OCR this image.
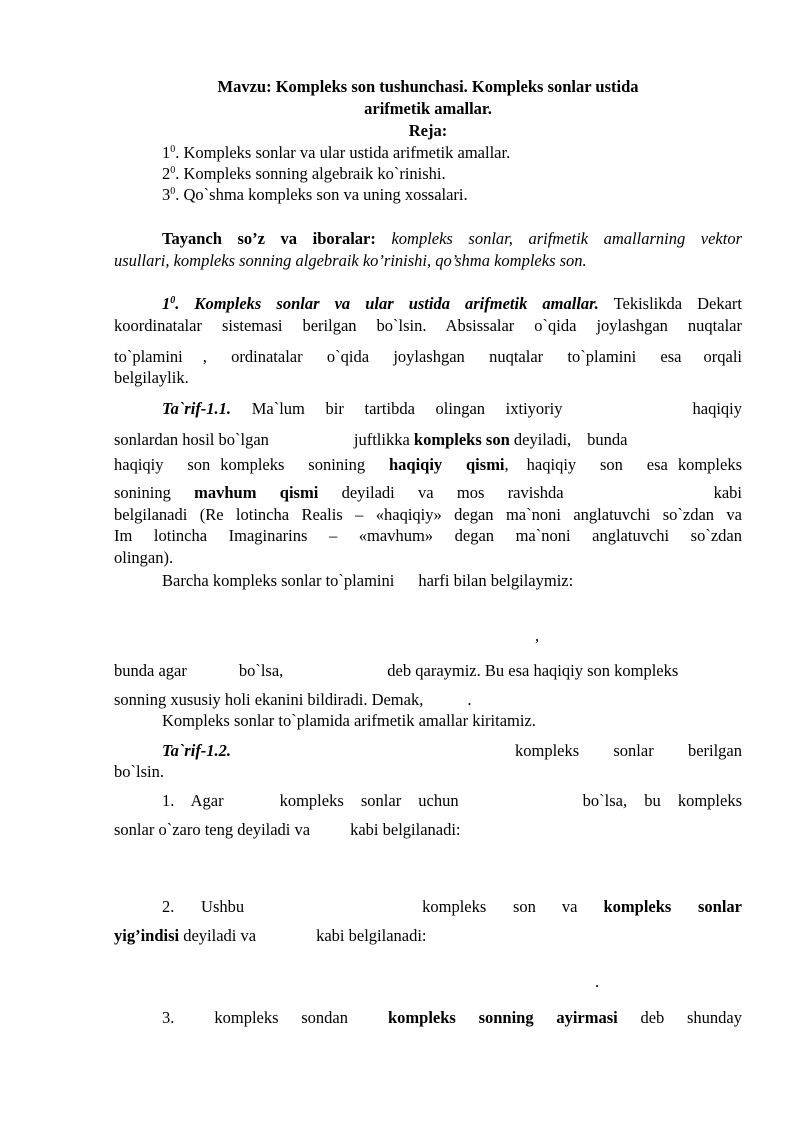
Mavzu: Kompleks son tushunchasi. Kompleks sonlar ustida
arifmetik amallar.
Reja:
$1^0$. Kompleks sonlar va ular ustida arifmetik amallar.
$2^0$. Kompleks sonning algebraik ko`rinishi.
$3^0$. Qo`shma kompleks son va uning xossalari.
Tayanch so’z va iboralar: kompleks sonlar, arifmetik amallarning vektor
usullari, kompleks sonning algebraik ko’rinishi, qo’shma kompleks son.
$1^0$. Kompleks sonlar va ular ustida arifmetik amallar. Tekislikda Dekart
koordinatalar sistemasi berilgan bo`lsin. Absissalar o`qida joylashgan nuqtalar
to`plamini , ordinatalar o`qida joylashgan nuqtalar to`plamini esa orqali
belgilaylik.
Ta`rif-1.1. Ma`lum bir tartibda olingan ixtiyoriy	haqiqiy
sonlardan hosil bo`lgan	juftlikka kompleks son deyiladi, bunda
haqiqiy son kompleks sonining haqiqiy qismi, haqiqiy son esa kompleks
sonining mavhum qismi deyiladi va mos ravishda	kabi
belgilanadi (Re lotincha Realis – «haqiqiy» degan ma`noni anglatuvchi so`zdan va
Im lotincha Imaginarins – «mavhum» degan ma`noni anglatuvchi so`zdan
olingan).
Barcha kompleks sonlar to`plamini harfi bilan belgilaymiz:
,
bunda agar	bo`lsa,	deb qaraymiz. Bu esa haqiqiy son kompleks
sonning xususiy holi ekanini bildiradi. Demak,	.
Kompleks sonlar to`plamida arifmetik amallar kiritamiz.
Ta`rif-1.2.	kompleks sonlar berilgan
bo`lsin.
1. Agar	kompleks sonlar uchun	bo`lsa, bu kompleks
sonlar o`zaro teng deyiladi va kabi belgilanadi:
2. Ushbu	kompleks son va kompleks sonlar
yig’indisi deyiladi va	kabi belgilanadi:
.
3. kompleks sondan kompleks sonning ayirmasi deb shunday
